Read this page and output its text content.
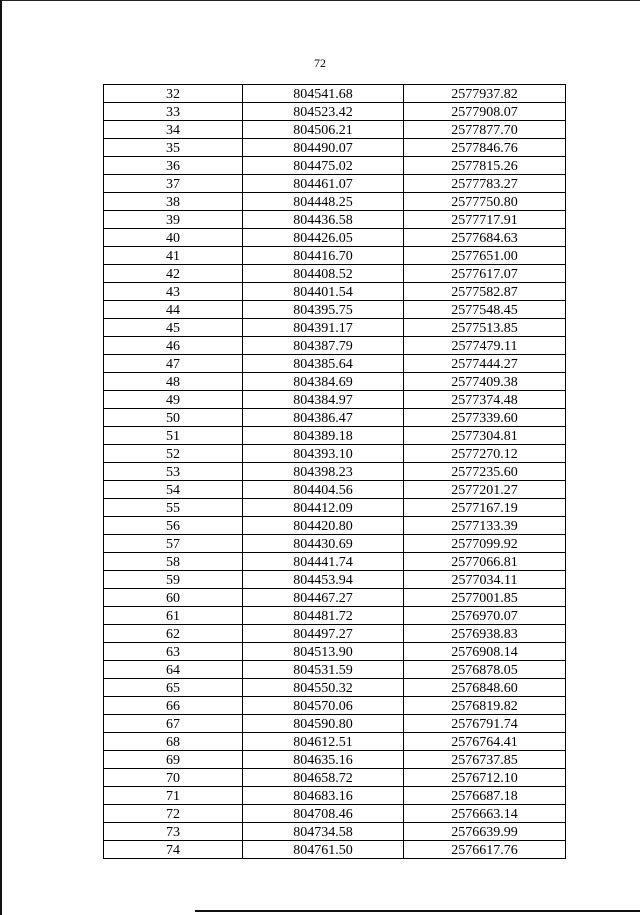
72
32	804541.68	2577937.82
33	804523.42	2577908.07
34	804506.21	2577877.70
35	804490.07	2577846.76
36	804475.02	2577815.26
37	804461.07	2577783.27
38	804448.25	2577750.80
39	804436.58	2577717.91
40	804426.05	2577684.63
41	804416.70	2577651.00
42	804408.52	2577617.07
43	804401.54	2577582.87
44	804395.75	2577548.45
45	804391.17	2577513.85
46	804387.79	2577479.11
47	804385.64	2577444.27
48	804384.69	2577409.38
49	804384.97	2577374.48
50	804386.47	2577339.60
51	804389.18	2577304.81
52	804393.10	2577270.12
53	804398.23	2577235.60
54	804404.56	2577201.27
55	804412.09	2577167.19
56	804420.80	2577133.39
57	804430.69	2577099.92
58	804441.74	2577066.81
59	804453.94	2577034.11
60	804467.27	2577001.85
61	804481.72	2576970.07
62	804497.27	2576938.83
63	804513.90	2576908.14
64	804531.59	2576878.05
65	804550.32	2576848.60
66	804570.06	2576819.82
67	804590.80	2576791.74
68	804612.51	2576764.41
69	804635.16	2576737.85
70	804658.72	2576712.10
71	804683.16	2576687.18
72	804708.46	2576663.14
73	804734.58	2576639.99
74	804761.50	2576617.76
